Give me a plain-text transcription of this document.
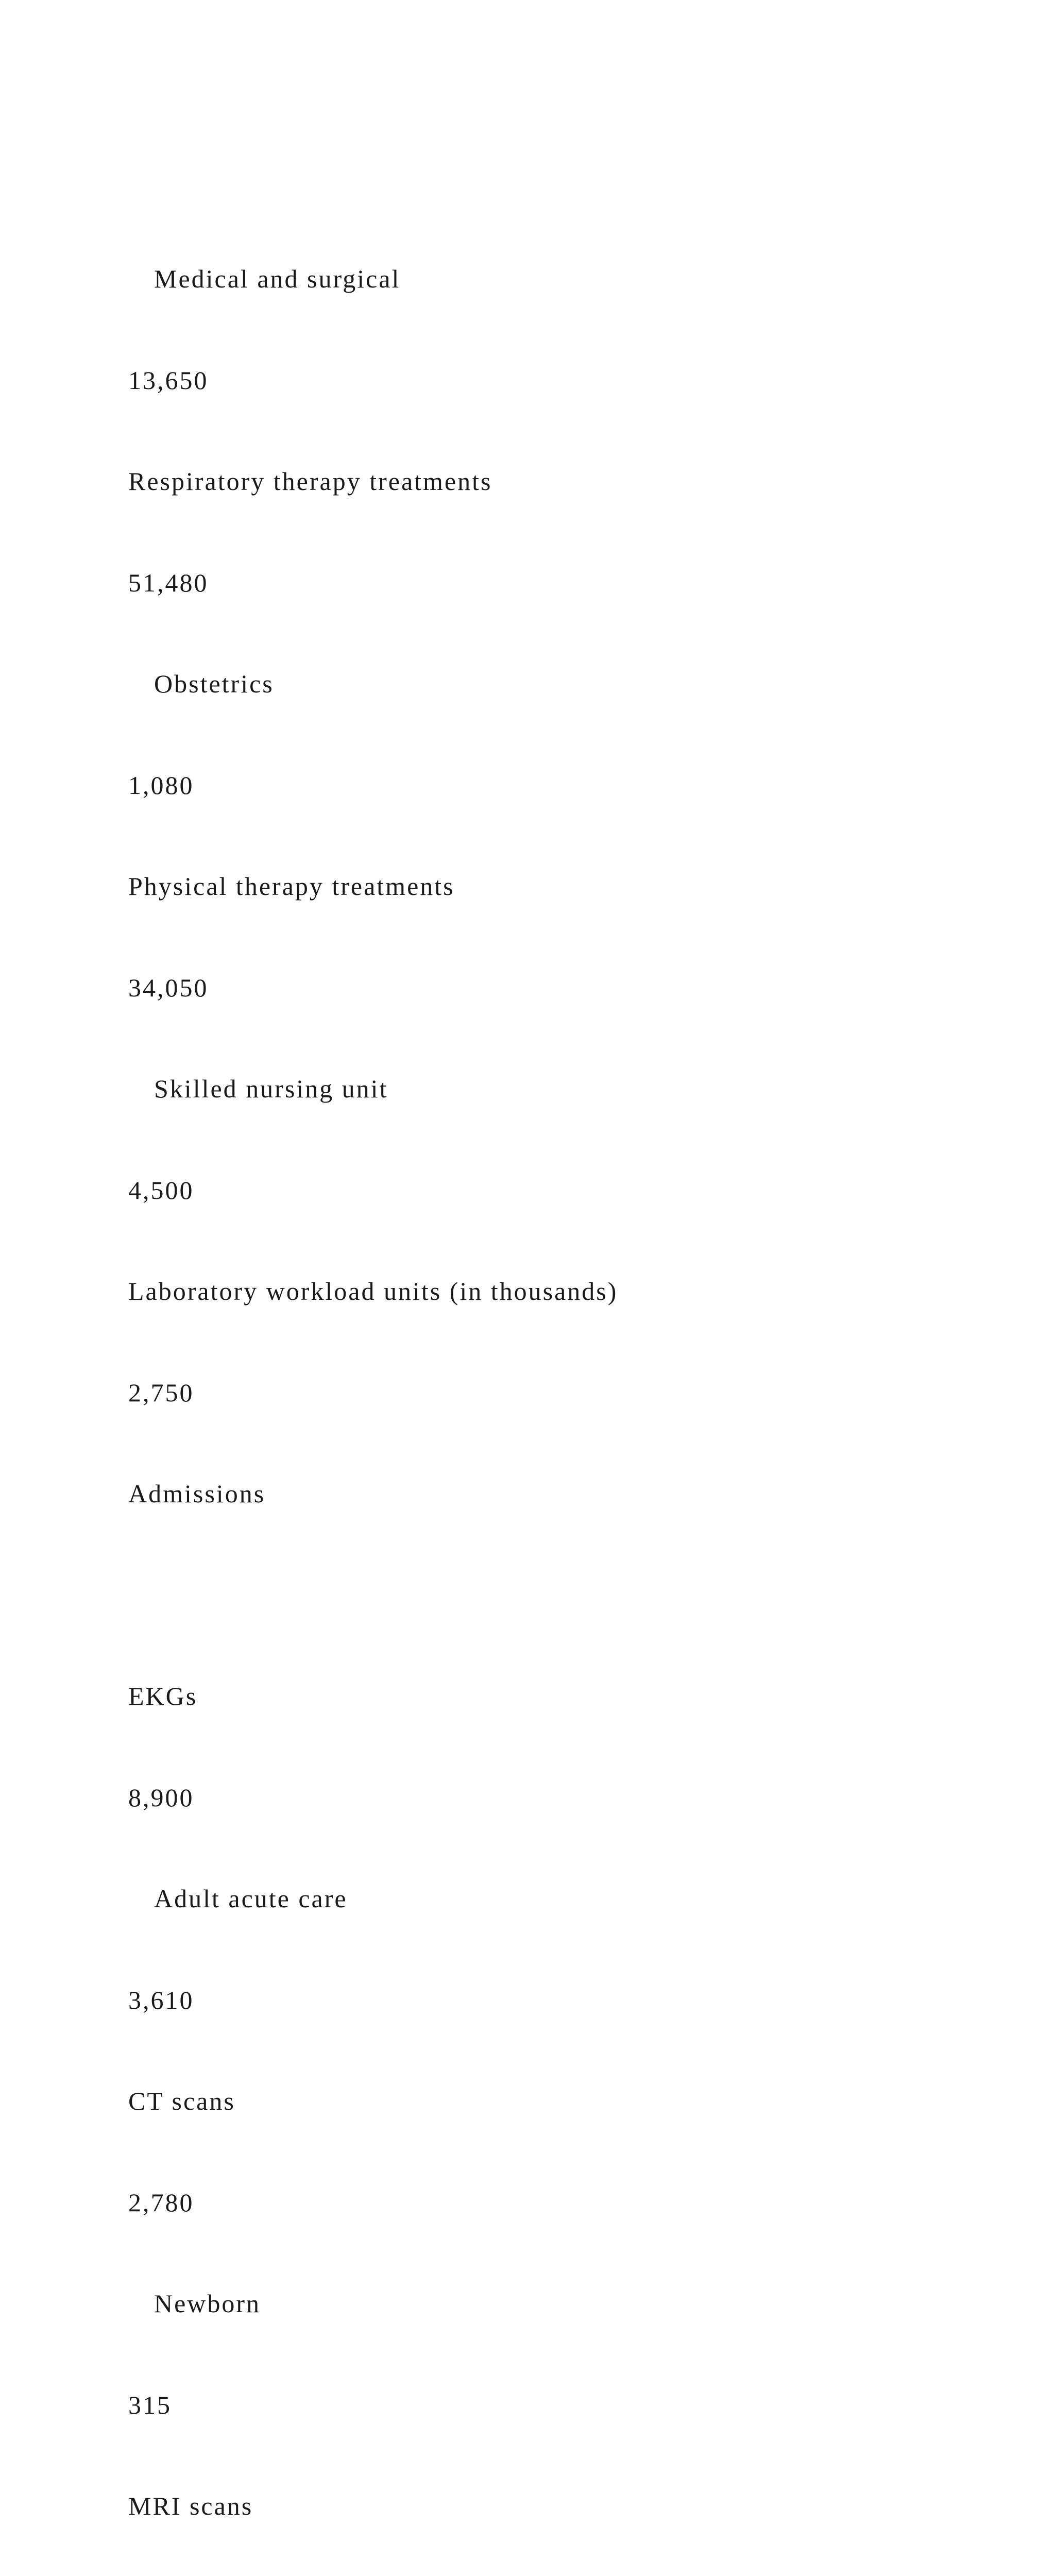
Medical and surgical

13,650

Respiratory therapy treatments

51,480

Obstetrics

1,080

Physical therapy treatments

34,050

Skilled nursing unit

4,500

Laboratory workload units (in thousands)

2,750

Admissions

EKGs

8,900

Adult acute care

3,610

CT scans

2,780

Newborn

315

MRI scans
